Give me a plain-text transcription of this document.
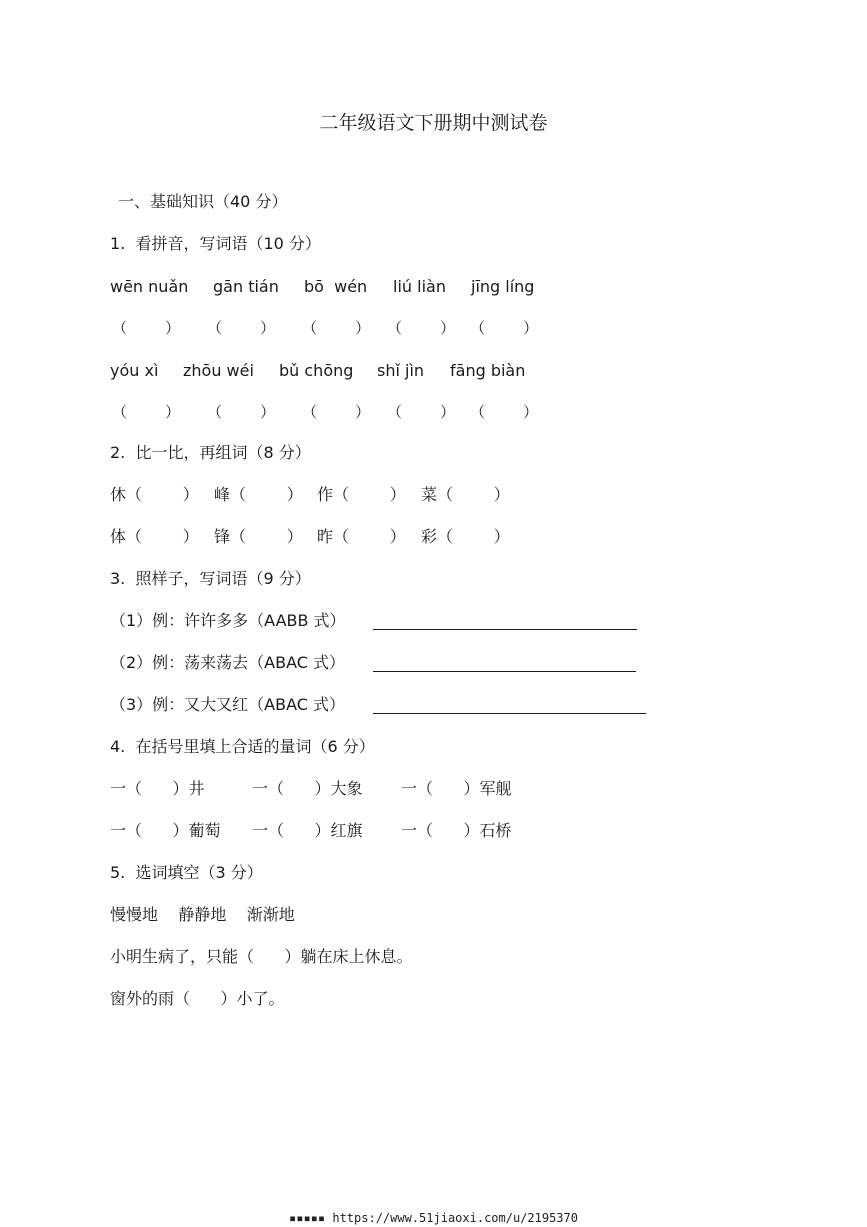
二年级语文下册期中测试卷
一、基础知识（40 分）
1.  看拼音，写词语（10 分）
wēn nuǎn gān tián bō  wén liú liàn jīng líng
（        ） （        ） （        ） （        ） （        ）
yóu xì zhōu wéi bǔ chōng shǐ jìn fāng biàn
（        ） （        ） （        ） （        ） （        ）
2.  比一比，再组词（8 分）
休（        ） 峰（        ） 作（        ） 菜（        ）
体（        ） 锋（        ） 昨（        ） 彩（        ）
3.  照样子，写词语（9 分）
（1）例：许许多多（AABB 式）
（2）例：荡来荡去（ABAC 式）
（3）例：又大又红（ABAC 式）
4.  在括号里填上合适的量词（6 分）
一（      ）井	一（      ）大象 一（      ）军舰
一（      ）葡萄 一（      ）红旗 一（      ）石桥
5.  选词填空（3 分）
慢慢地    静静地    渐渐地
小明生病了，只能（      ）躺在床上休息。
窗外的雨（      ）小了。
▪▪▪▪▪ https://www.51jiaoxi.com/u/2195370
